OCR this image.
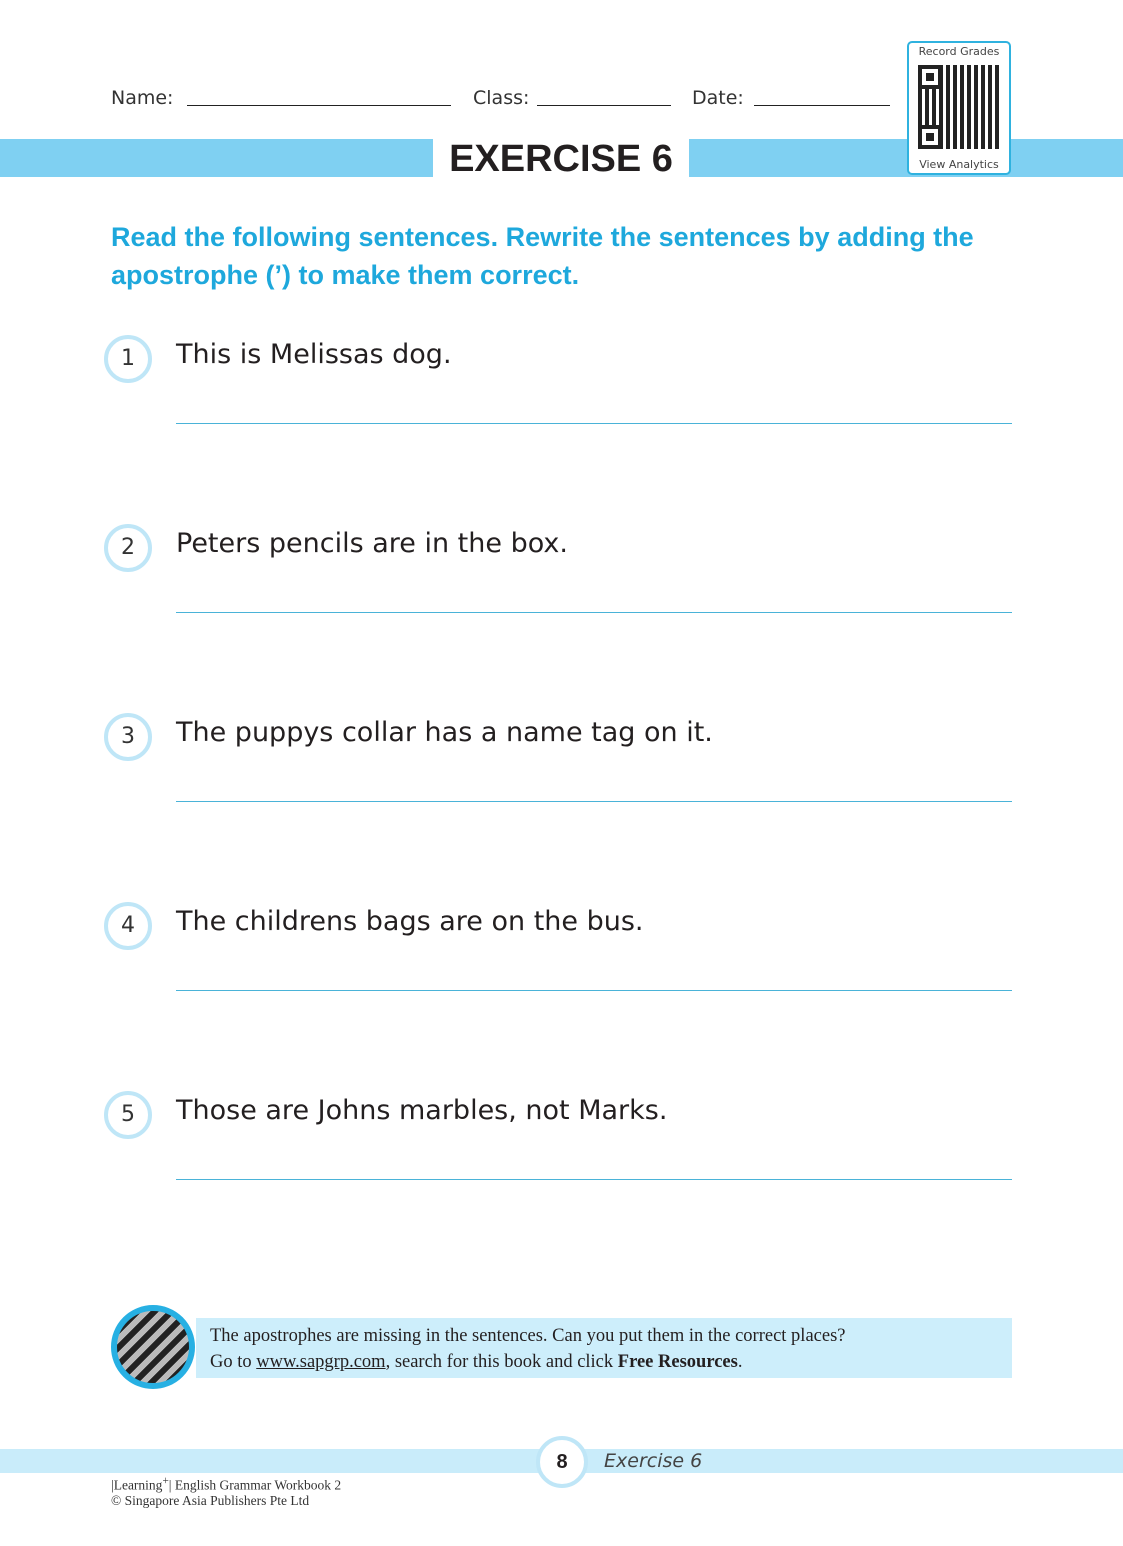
Name:	Class:	Date:
EXERCISE 6
Record Grades
View Analytics
Read the following sentences. Rewrite the sentences by adding the apostrophe (’) to make them correct.
1	This is Melissas dog.
2	Peters pencils are in the box.
3	The puppys collar has a name tag on it.
4	The childrens bags are on the bus.
5	Those are Johns marbles, not Marks.
The apostrophes are missing in the sentences. Can you put them in the correct places?
Go to www.sapgrp.com, search for this book and click Free Resources.
8	Exercise 6
|Learning+| English Grammar Workbook 2
© Singapore Asia Publishers Pte Ltd
